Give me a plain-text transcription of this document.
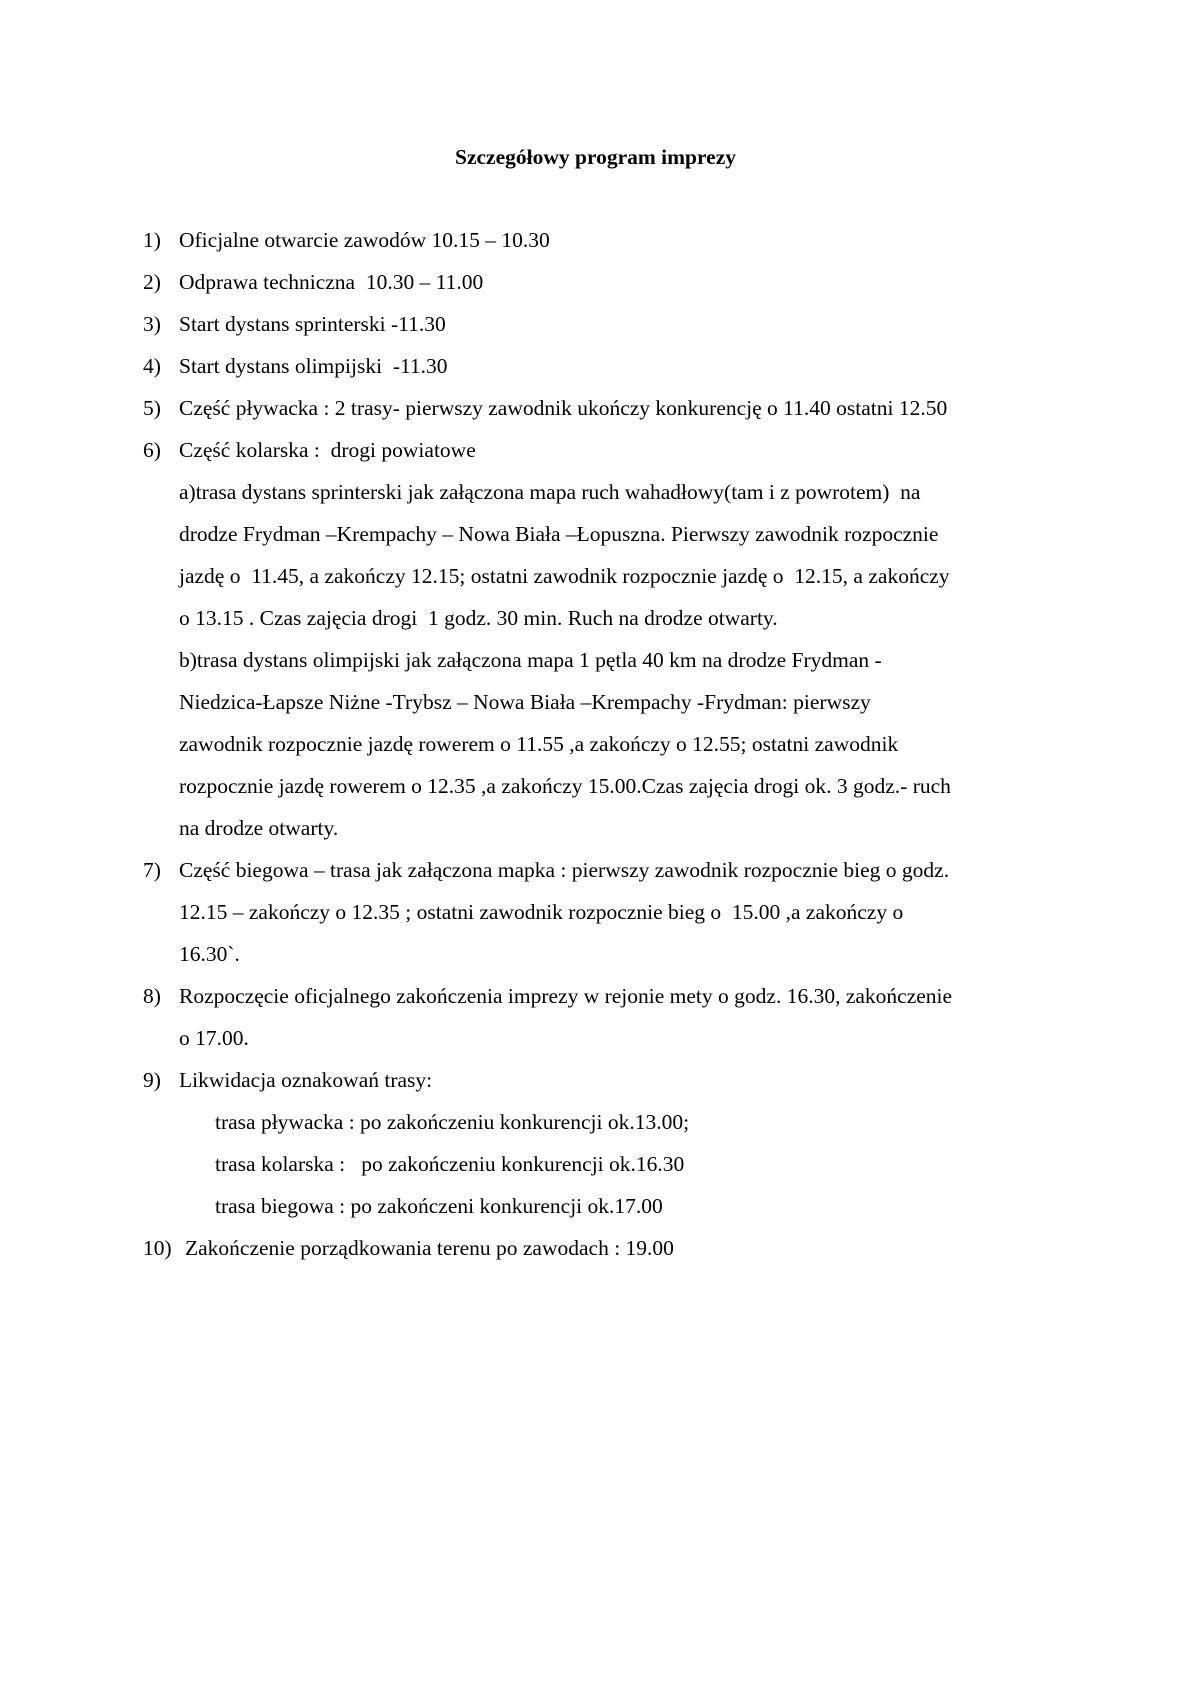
Szczegółowy program imprezy
1) Oficjalne otwarcie zawodów 10.15 – 10.30
2) Odprawa techniczna  10.30 – 11.00
3) Start dystans sprinterski -11.30
4) Start dystans olimpijski  -11.30
5) Część pływacka : 2 trasy- pierwszy zawodnik ukończy konkurencję o 11.40 ostatni 12.50
6) Część kolarska :  drogi powiatowe
a)trasa dystans sprinterski jak załączona mapa ruch wahadłowy(tam i z powrotem)  na
drodze Frydman –Krempachy – Nowa Biała –Łopuszna. Pierwszy zawodnik rozpocznie
jazdę o  11.45, a zakończy 12.15; ostatni zawodnik rozpocznie jazdę o  12.15, a zakończy
o 13.15 . Czas zajęcia drogi  1 godz. 30 min. Ruch na drodze otwarty.
b)trasa dystans olimpijski jak załączona mapa 1 pętla 40 km na drodze Frydman -
Niedzica-Łapsze Niżne -Trybsz – Nowa Biała –Krempachy -Frydman: pierwszy
zawodnik rozpocznie jazdę rowerem o 11.55 ,a zakończy o 12.55; ostatni zawodnik
rozpocznie jazdę rowerem o 12.35 ,a zakończy 15.00.Czas zajęcia drogi ok. 3 godz.- ruch
na drodze otwarty.
7) Część biegowa – trasa jak załączona mapka : pierwszy zawodnik rozpocznie bieg o godz.
12.15 – zakończy o 12.35 ; ostatni zawodnik rozpocznie bieg o  15.00 ,a zakończy o
16.30`.
8) Rozpoczęcie oficjalnego zakończenia imprezy w rejonie mety o godz. 16.30, zakończenie
o 17.00.
9) Likwidacja oznakowań trasy:
trasa pływacka : po zakończeniu konkurencji ok.13.00;
trasa kolarska :   po zakończeniu konkurencji ok.16.30
trasa biegowa : po zakończeni konkurencji ok.17.00
10) Zakończenie porządkowania terenu po zawodach : 19.00
